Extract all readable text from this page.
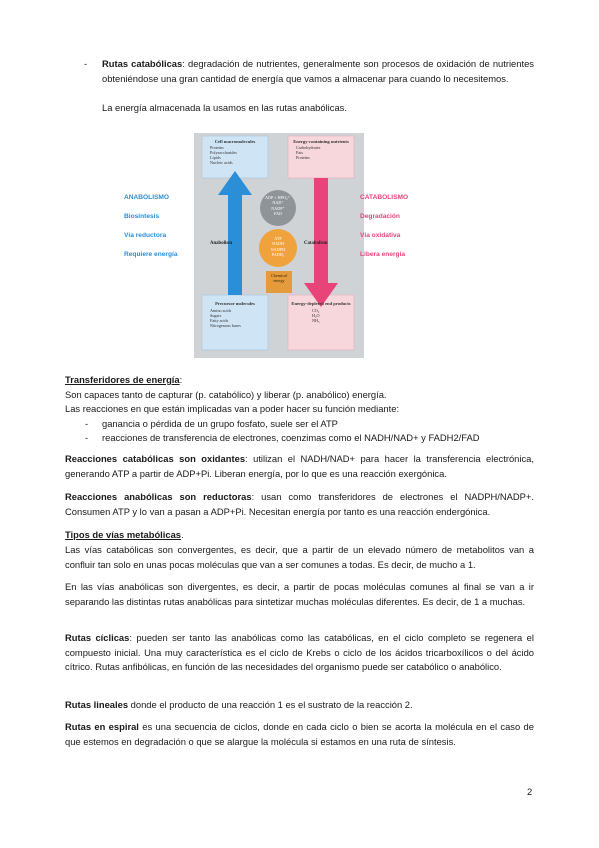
- Rutas catabólicas: degradación de nutrientes, generalmente son procesos de oxidación de nutrientes obteniéndose una gran cantidad de energía que vamos a almacenar para cuando lo necesitemos.
La energía almacenada la usamos en las rutas anabólicas.
Cell macromolecules
Proteins
Polysaccharides
Lipids
Nucleic acids
Energy-containing nutrients
Carbohydrates
Fats
Proteins
Precursor molecules
Amino acids
Sugars
Fatty acids
Nitrogenous bases
Energy-depleted end products
CO₂
H₂O
NH₃
ADP + HPO₄²⁻
NAD⁺
NADP⁺
FAD
ATP
NADH
NADPH
FADH₂
Chemical energy
Anabolism	Catabolism
ANABOLISMO
Biosíntesis
Vía reductora
Requiere energía
CATABOLISMO
Degradación
Vía oxidativa
Libera energía
Transferidores de energía:
Son capaces tanto de capturar (p. catabólico) y liberar (p. anabólico) energía.
Las reacciones en que están implicadas van a poder hacer su función mediante:
- ganancia o pérdida de un grupo fosfato, suele ser el ATP
- reacciones de transferencia de electrones, coenzimas como el NADH/NAD+ y FADH2/FAD
Reacciones catabólicas son oxidantes: utilizan el NADH/NAD+ para hacer la transferencia electrónica, generando ATP a partir de ADP+Pi. Liberan energía, por lo que es una reacción exergónica.
Reacciones anabólicas son reductoras: usan como transferidores de electrones el NADPH/NADP+. Consumen ATP y lo van a pasan a ADP+Pi. Necesitan energía por tanto es una reacción endergónica.
Tipos de vías metabólicas.
Las vías catabólicas son convergentes, es decir, que a partir de un elevado número de metabolitos van a confluir tan solo en unas pocas moléculas que van a ser comunes a todas. Es decir, de mucho a 1.
En las vías anabólicas son divergentes, es decir, a partir de pocas moléculas comunes al final se van a ir separando las distintas rutas anabólicas para sintetizar muchas moléculas diferentes. Es decir, de 1 a muchas.
Rutas cíclicas: pueden ser tanto las anabólicas como las catabólicas, en el ciclo completo se regenera el compuesto inicial. Una muy característica es el ciclo de Krebs o ciclo de los ácidos tricarboxílicos o del ácido cítrico. Rutas anfibólicas, en función de las necesidades del organismo puede ser catabólico o anabólico.
Rutas lineales donde el producto de una reacción 1 es el sustrato de la reacción 2.
Rutas en espiral es una secuencia de ciclos, donde en cada ciclo o bien se acorta la molécula en el caso de que estemos en degradación o que se alargue la molécula si estamos en una ruta de síntesis.
2
